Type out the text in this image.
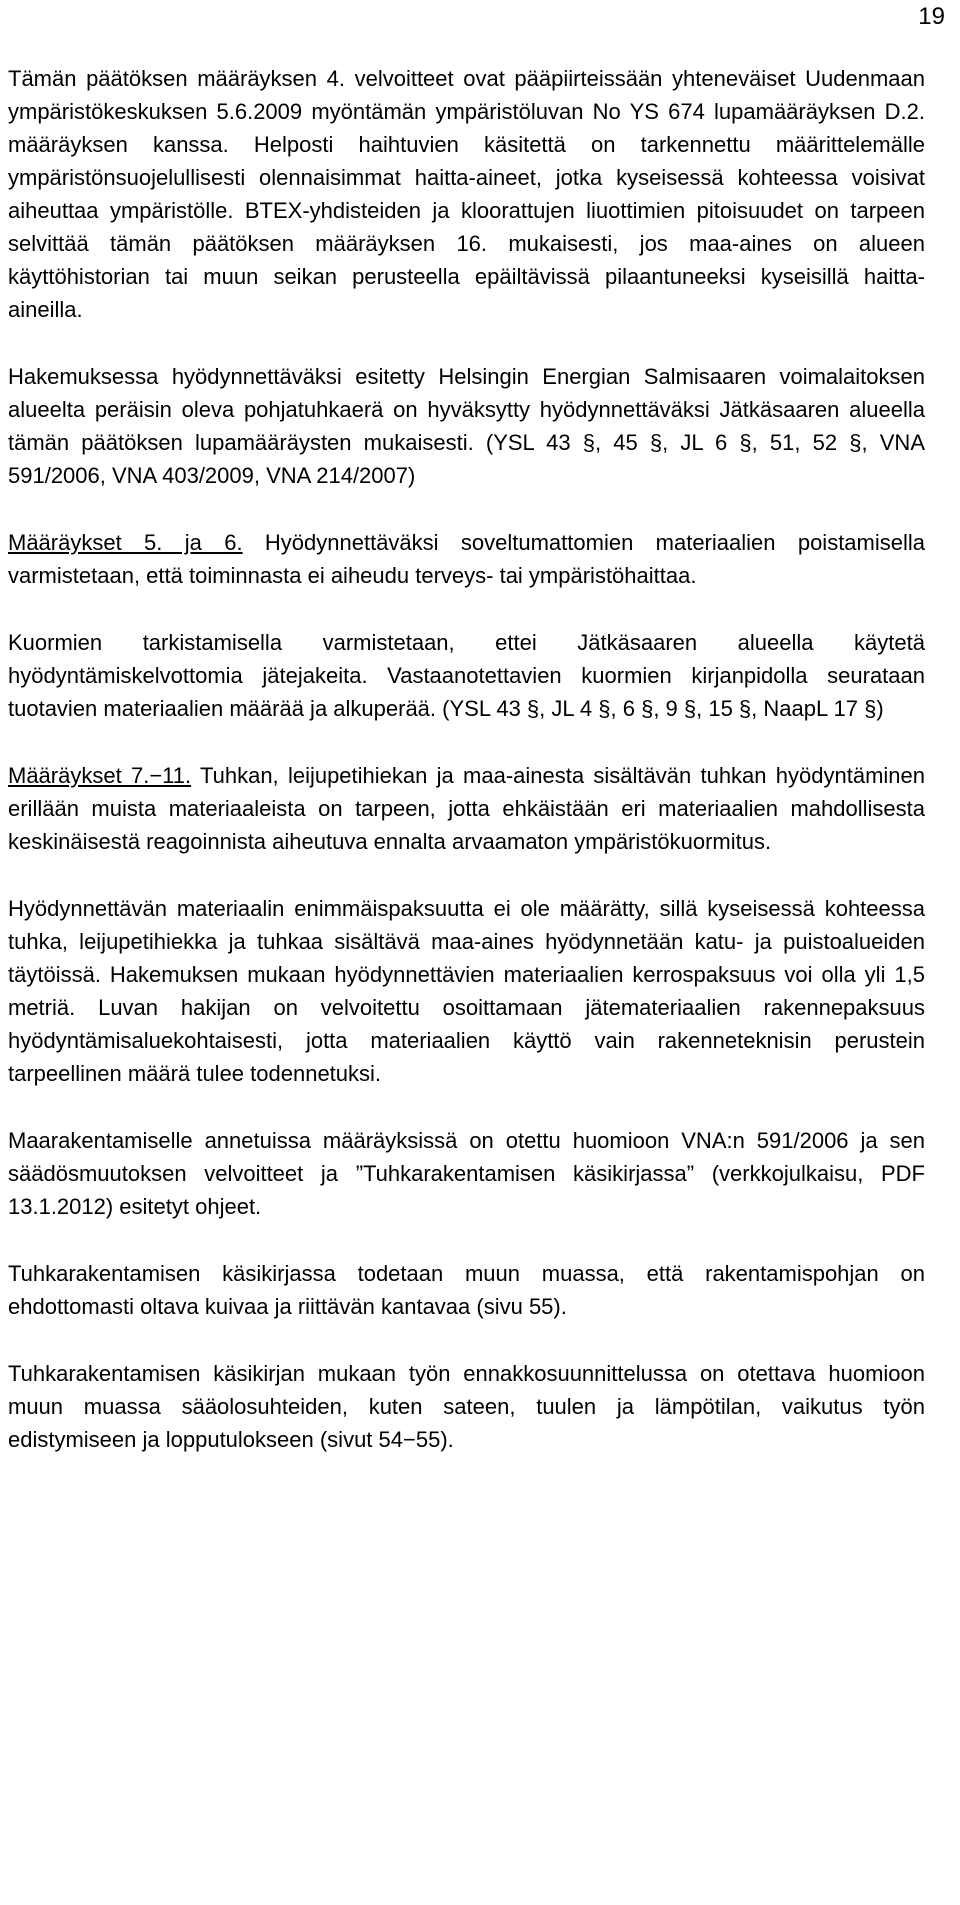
19

Tämän päätöksen määräyksen 4. velvoitteet ovat pääpiirteissään yhteneväiset Uudenmaan ympäristökeskuksen 5.6.2009 myöntämän ympäristöluvan No YS 674 lupamääräyksen D.2. määräyksen kanssa. Helposti haihtuvien käsitettä on tarkennettu määrittelemälle ympäristönsuojelullisesti olennaisimmat haitta-aineet, jotka kyseisessä kohteessa voisivat aiheuttaa ympäristölle. BTEX-yhdisteiden ja kloorattujen liuottimien pitoisuudet on tarpeen selvittää tämän päätöksen määräyksen 16. mukaisesti, jos maa-aines on alueen käyttöhistorian tai muun seikan perusteella epäiltävissä pilaantuneeksi kyseisillä haitta-aineilla.

Hakemuksessa hyödynnettäväksi esitetty Helsingin Energian Salmisaaren voimalaitoksen alueelta peräisin oleva pohjatuhkaerä on hyväksytty hyödynnettäväksi Jätkäsaaren alueella tämän päätöksen lupamääräysten mukaisesti. (YSL 43 §, 45 §, JL 6 §, 51, 52 §, VNA 591/2006, VNA 403/2009, VNA 214/2007)

Määräykset 5. ja 6. Hyödynnettäväksi soveltumattomien materiaalien poistamisella varmistetaan, että toiminnasta ei aiheudu terveys- tai ympäristöhaittaa.

Kuormien tarkistamisella varmistetaan, ettei Jätkäsaaren alueella käytetä hyödyntämiskelvottomia jätejakeita. Vastaanotettavien kuormien kirjanpidolla seurataan tuotavien materiaalien määrää ja alkuperää. (YSL 43 §, JL 4 §, 6 §, 9 §, 15 §, NaapL 17 §)

Määräykset 7.−11. Tuhkan, leijupetihiekan ja maa-ainesta sisältävän tuhkan hyödyntäminen erillään muista materiaaleista on tarpeen, jotta ehkäistään eri materiaalien mahdollisesta keskinäisestä reagoinnista aiheutuva ennalta arvaamaton ympäristökuormitus.

Hyödynnettävän materiaalin enimmäispaksuutta ei ole määrätty, sillä kyseisessä kohteessa tuhka, leijupetihiekka ja tuhkaa sisältävä maa-aines hyödynnetään katu- ja puistoalueiden täytöissä. Hakemuksen mukaan hyödynnettävien materiaalien kerrospaksuus voi olla yli 1,5 metriä. Luvan hakijan on velvoitettu osoittamaan jätemateriaalien rakennepaksuus hyödyntämisaluekohtaisesti, jotta materiaalien käyttö vain rakenneteknisin perustein tarpeellinen määrä tulee todennetuksi.

Maarakentamiselle annetuissa määräyksissä on otettu huomioon VNA:n 591/2006 ja sen säädösmuutoksen velvoitteet ja ”Tuhkarakentamisen käsikirjassa” (verkkojulkaisu, PDF 13.1.2012) esitetyt ohjeet.

Tuhkarakentamisen käsikirjassa todetaan muun muassa, että rakentamispohjan on ehdottomasti oltava kuivaa ja riittävän kantavaa (sivu 55).

Tuhkarakentamisen käsikirjan mukaan työn ennakkosuunnittelussa on otettava huomioon muun muassa sääolosuhteiden, kuten sateen, tuulen ja lämpötilan, vaikutus työn edistymiseen ja lopputulokseen (sivut 54−55).
